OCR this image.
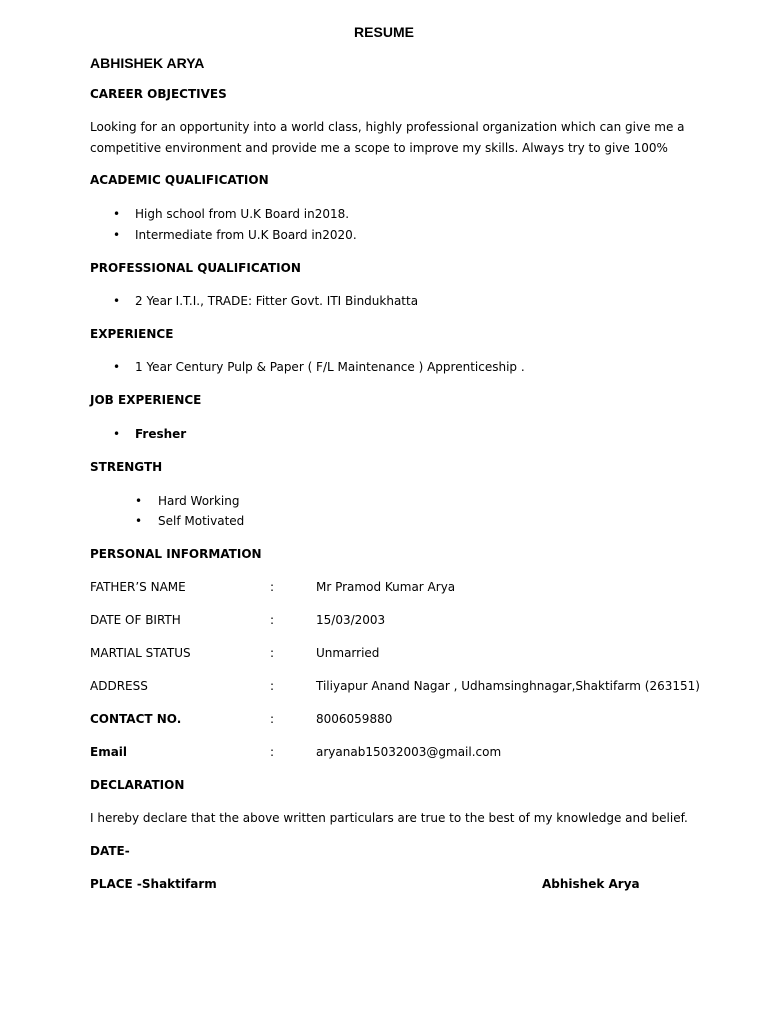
RESUME
ABHISHEK ARYA
CAREER OBJECTIVES
Looking for an opportunity into a world class, highly professional organization which can give me a
competitive environment and provide me a scope to improve my skills. Always try to give 100%
ACADEMIC QUALIFICATION
• High school from U.K Board in2018.
• Intermediate from U.K Board in2020.
PROFESSIONAL QUALIFICATION
• 2 Year I.T.I., TRADE: Fitter Govt. ITI Bindukhatta
EXPERIENCE
• 1 Year Century Pulp & Paper ( F/L Maintenance ) Apprenticeship .
JOB EXPERIENCE
• Fresher
STRENGTH
• Hard Working
• Self Motivated
PERSONAL INFORMATION
FATHER’S NAME	:	Mr Pramod Kumar Arya
DATE OF BIRTH	:	15/03/2003
MARTIAL STATUS	:	Unmarried
ADDRESS	:	Tiliyapur Anand Nagar , Udhamsinghnagar,Shaktifarm (263151)
CONTACT NO.	:	8006059880
Email	:	aryanab15032003@gmail.com
DECLARATION
I hereby declare that the above written particulars are true to the best of my knowledge and belief.
DATE-
PLACE -Shaktifarm	Abhishek Arya
